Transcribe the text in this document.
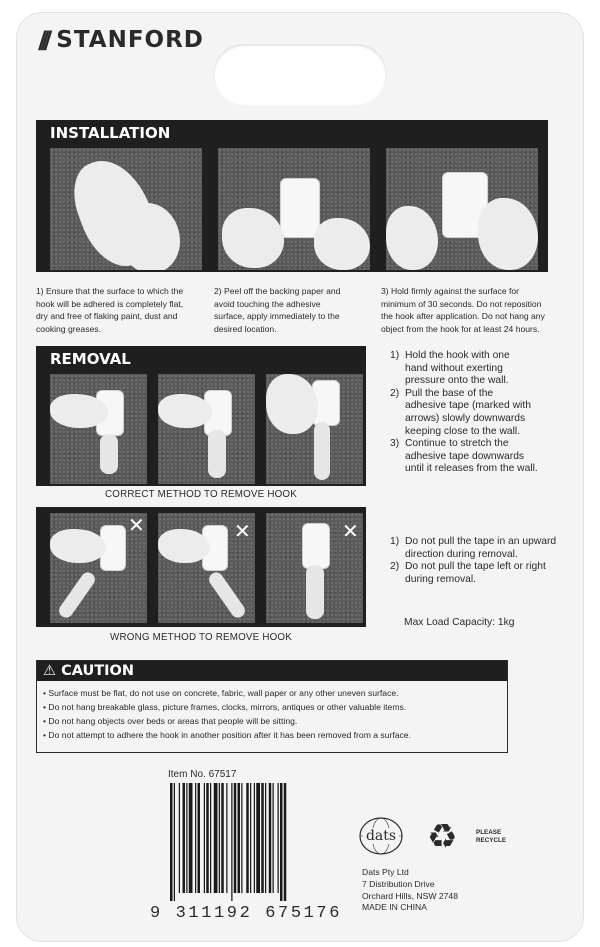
/// STANFORD
INSTALLATION
1) Ensure that the surface to which the
hook will be adhered is completely flat,
dry and free of flaking paint, dust and
cooking greases.
2) Peel off the backing paper and
avoid touching the adhesive
surface, apply immediately to the
desired location.
3) Hold firmly against the surface for
minimum of 30 seconds. Do not reposition
the hook after application. Do not hang any
object from the hook for at least 24 hours.
REMOVAL	1) Hold the hook with one
hand without exerting
pressure onto the wall.
2) Pull the base of the
adhesive tape (marked with
arrows) slowly downwards
keeping close to the wall.
3) Continue to stretch the
adhesive tape downwards
until it releases from the wall.
CORRECT METHOD TO REMOVE HOOK
✕	✕	✕	1) Do not pull the tape in an upward
direction during removal.
2) Do not pull the tape left or right
during removal.
Max Load Capacity: 1kg
WRONG METHOD TO REMOVE HOOK
⚠ CAUTION
• Surface must be flat, do not use on concrete, fabric, wall paper or any other uneven surface.
• Do not hang breakable glass, picture frames, clocks, mirrors, antiques or other valuable items.
• Do not hang objects over beds or areas that people will be sitting.
• Do not attempt to adhere the hook in another position after it has been removed from a surface.
Item No. 67517
9 311192 675176
dats ♻	PLEASE
RECYCLE
Dats Pty Ltd
7 Distribution Drive
Orchard Hills, NSW 2748
MADE IN CHINA
